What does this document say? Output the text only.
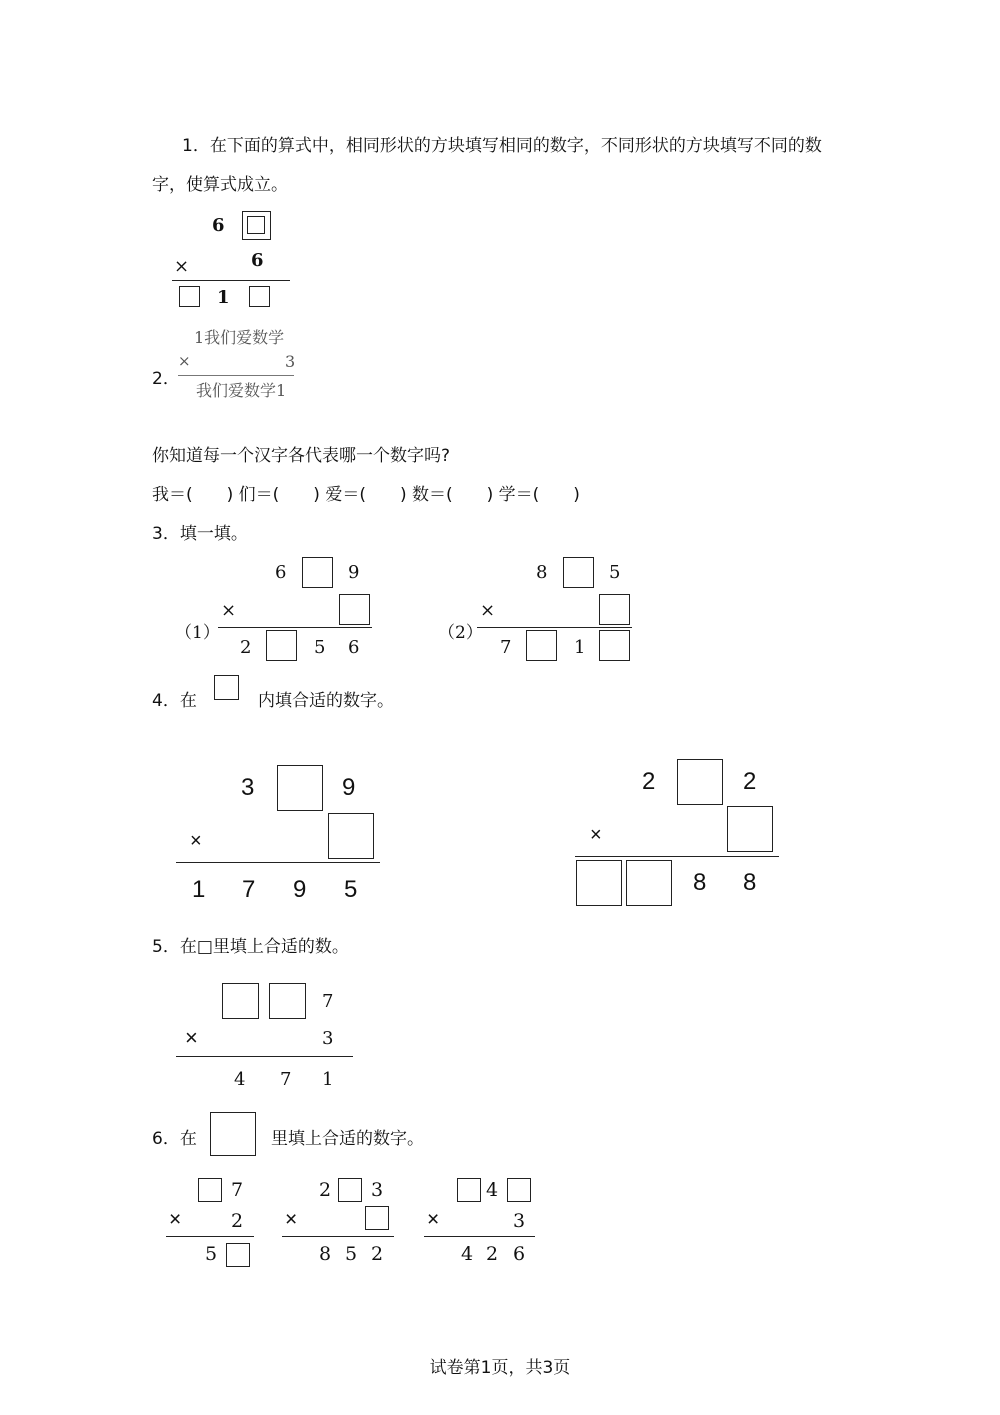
1．在下面的算式中，相同形状的方块填写相同的数字，不同形状的方块填写不同的数
字，使算式成立。
6
×	6
1
2．
1我们爱数学
×	3
我们爱数学1
你知道每一个汉字各代表哪一个数字吗?
我＝(　　) 们＝(　　) 爱＝(　　) 数＝(　　) 学＝(　　)
3．填一填。
6	9
×
（1）
2	5 6
8	5
×
（2）
7	1
4．在	内填合适的数字。
3	9
×
1 7 9 5
2	2
×
8 8
5．在□里填上合适的数。
7
×	3
4 7 1
6．在	里填上合适的数字。
7
×	2
5
2 3
×
8 5 2
4
×	3
4 2 6
试卷第1页，共3页
